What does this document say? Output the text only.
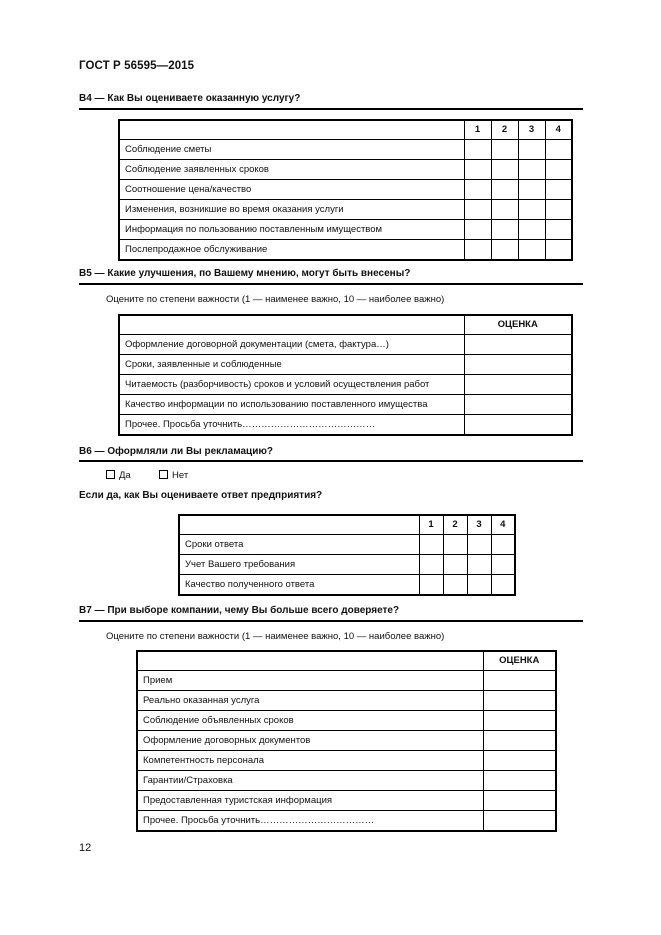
ГОСТ Р 56595—2015
В4 — Как Вы оцениваете оказанную услугу?
	1	2	3	4
Соблюдение сметы				
Соблюдение заявленных сроков				
Соотношение цена/качество				
Изменения, возникшие во время оказания услуги				
Информация по пользованию поставленным имуществом				
Послепродажное обслуживание				
В5 — Какие улучшения, по Вашему мнению, могут быть внесены?
Оцените по степени важности (1 — наименее важно, 10 — наиболее важно)
	ОЦЕНКА
Оформление договорной документации (смета, фактура…)	
Сроки, заявленные и соблюденные	
Читаемость (разборчивость) сроков и условий осуществления работ	
Качество информации по использованию поставленного имущества	
Прочее. Просьба уточнить……………………………………	
В6 — Оформляли ли Вы рекламацию?
Да	Нет
Если да, как Вы оцениваете ответ предприятия?
	1	2	3	4
Сроки ответа				
Учет Вашего требования				
Качество полученного ответа				
В7 — При выборе компании, чему Вы больше всего доверяете?
Оцените по степени важности (1 — наименее важно, 10 — наиболее важно)
	ОЦЕНКА
Прием	
Реально оказанная услуга	
Соблюдение объявленных сроков	
Оформление договорных документов	
Компетентность персонала	
Гарантии/Страховка	
Предоставленная туристская информация	
Прочее. Просьба уточнить………………………………	
12
